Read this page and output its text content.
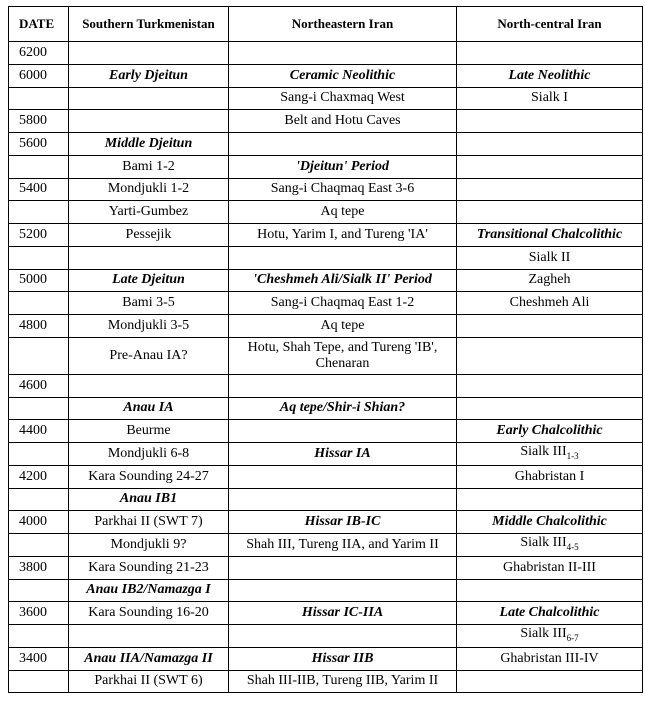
DATE	Southern Turkmenistan	Northeastern Iran	North-central Iran
6200			
6000	Early Djeitun	Ceramic Neolithic	Late Neolithic
		Sang-i Chaxmaq West	Sialk I
5800		Belt and Hotu Caves	
5600	Middle Djeitun		
	Bami 1-2	'Djeitun' Period	
5400	Mondjukli 1-2	Sang-i Chaqmaq East 3-6	
	Yarti-Gumbez	Aq tepe	
5200	Pessejik	Hotu, Yarim I, and Tureng 'IA'	Transitional Chalcolithic
			Sialk II
5000	Late Djeitun	'Cheshmeh Ali/Sialk II' Period	Zagheh
	Bami 3-5	Sang-i Chaqmaq East 1-2	Cheshmeh Ali
4800	Mondjukli 3-5	Aq tepe	
	Pre-Anau IA?	Hotu, Shah Tepe, and Tureng 'IB', Chenaran	
4600			
	Anau IA	Aq tepe/Shir-i Shian?	
4400	Beurme		Early Chalcolithic
	Mondjukli 6-8	Hissar IA	Sialk $III_{1-3}$
4200	Kara Sounding 24-27		Ghabristan I
	Anau IB1		
4000	Parkhai II (SWT 7)	Hissar IB-IC	Middle Chalcolithic
	Mondjukli 9?	Shah III, Tureng IIA, and Yarim II	Sialk $III_{4-5}$
3800	Kara Sounding 21-23		Ghabristan II-III
	Anau IB2/Namazga I		
3600	Kara Sounding 16-20	Hissar IC-IIA	Late Chalcolithic
			Sialk $III_{6-7}$
3400	Anau IIA/Namazga II	Hissar IIB	Ghabristan III-IV
	Parkhai II (SWT 6)	Shah III-IIB, Tureng IIB, Yarim II	
